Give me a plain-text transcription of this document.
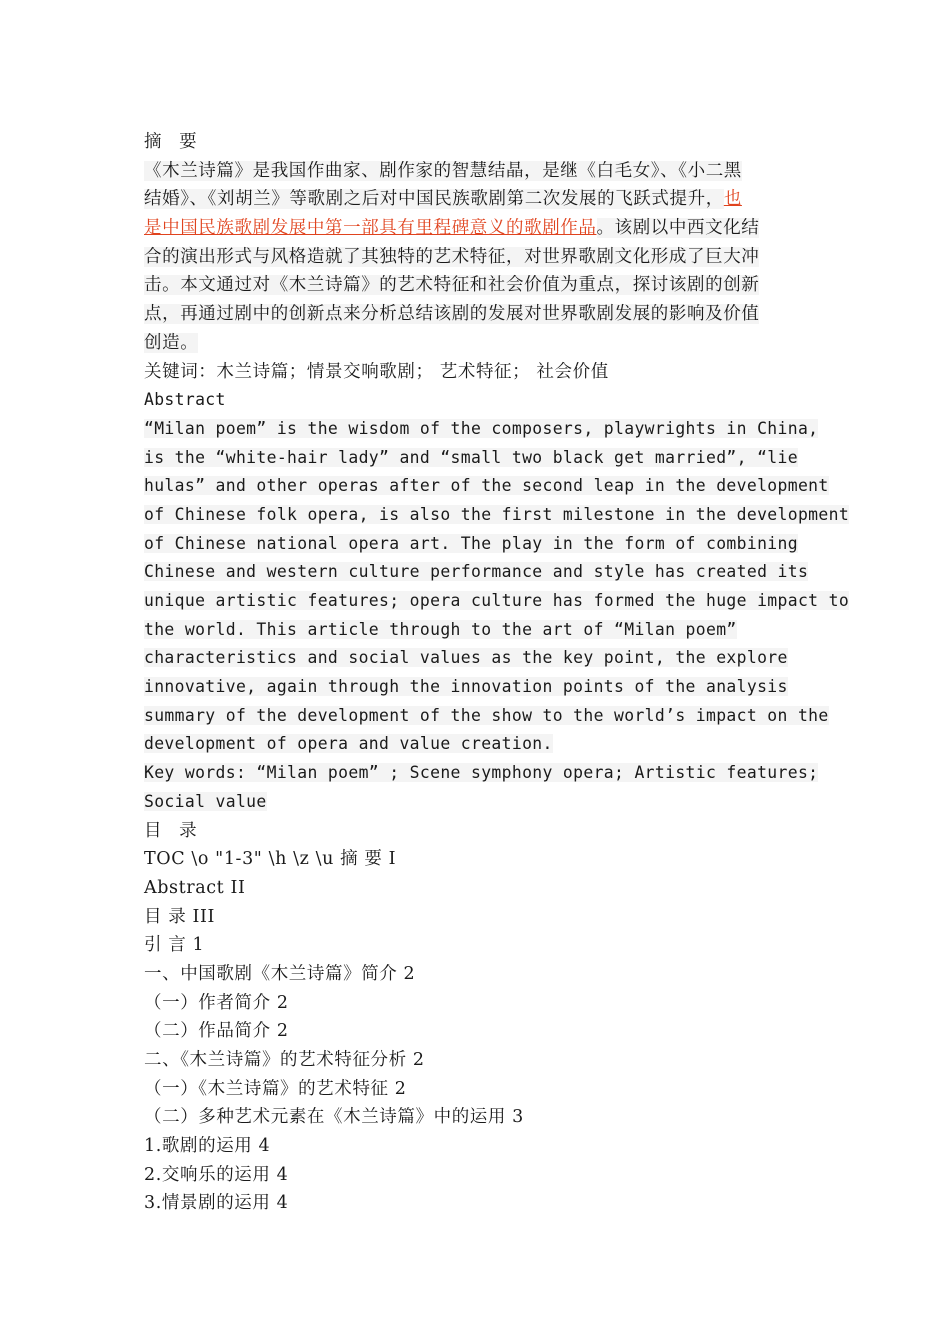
摘 要
《木兰诗篇》是我国作曲家、剧作家的智慧结晶，是继《白毛女》、《小二黑
结婚》、《刘胡兰》等歌剧之后对中国民族歌剧第二次发展的飞跃式提升，也
是中国民族歌剧发展中第一部具有里程碑意义的歌剧作品。该剧以中西文化结
合的演出形式与风格造就了其独特的艺术特征，对世界歌剧文化形成了巨大冲
击。本文通过对《木兰诗篇》的艺术特征和社会价值为重点，探讨该剧的创新
点，再通过剧中的创新点来分析总结该剧的发展对世界歌剧发展的影响及价值
创造。
关键词：木兰诗篇；情景交响歌剧； 艺术特征； 社会价值
Abstract
“Milan poem” is the wisdom of the composers, playwrights in China,
is the “white-hair lady” and “small two black get married”, “lie
hulas” and other operas after of the second leap in the development
of Chinese folk opera, is also the first milestone in the development
of Chinese national opera art. The play in the form of combining
Chinese and western culture performance and style has created its
unique artistic features; opera culture has formed the huge impact to
the world. This article through to the art of “Milan poem”
characteristics and social values as the key point, the explore
innovative, again through the innovation points of the analysis
summary of the development of the show to the world’s impact on the
development of opera and value creation.
Key words: “Milan poem” ; Scene symphony opera; Artistic features;
Social value
目 录
TOC \o "1-3" \h \z \u 摘 要 I
Abstract II
目 录 III
引 言 1
一、中国歌剧《木兰诗篇》简介 2
（一）作者简介 2
（二）作品简介 2
二、《木兰诗篇》的艺术特征分析 2
（一）《木兰诗篇》的艺术特征 2
（二）多种艺术元素在《木兰诗篇》中的运用 3
1.歌剧的运用 4
2.交响乐的运用 4
3.情景剧的运用 4
